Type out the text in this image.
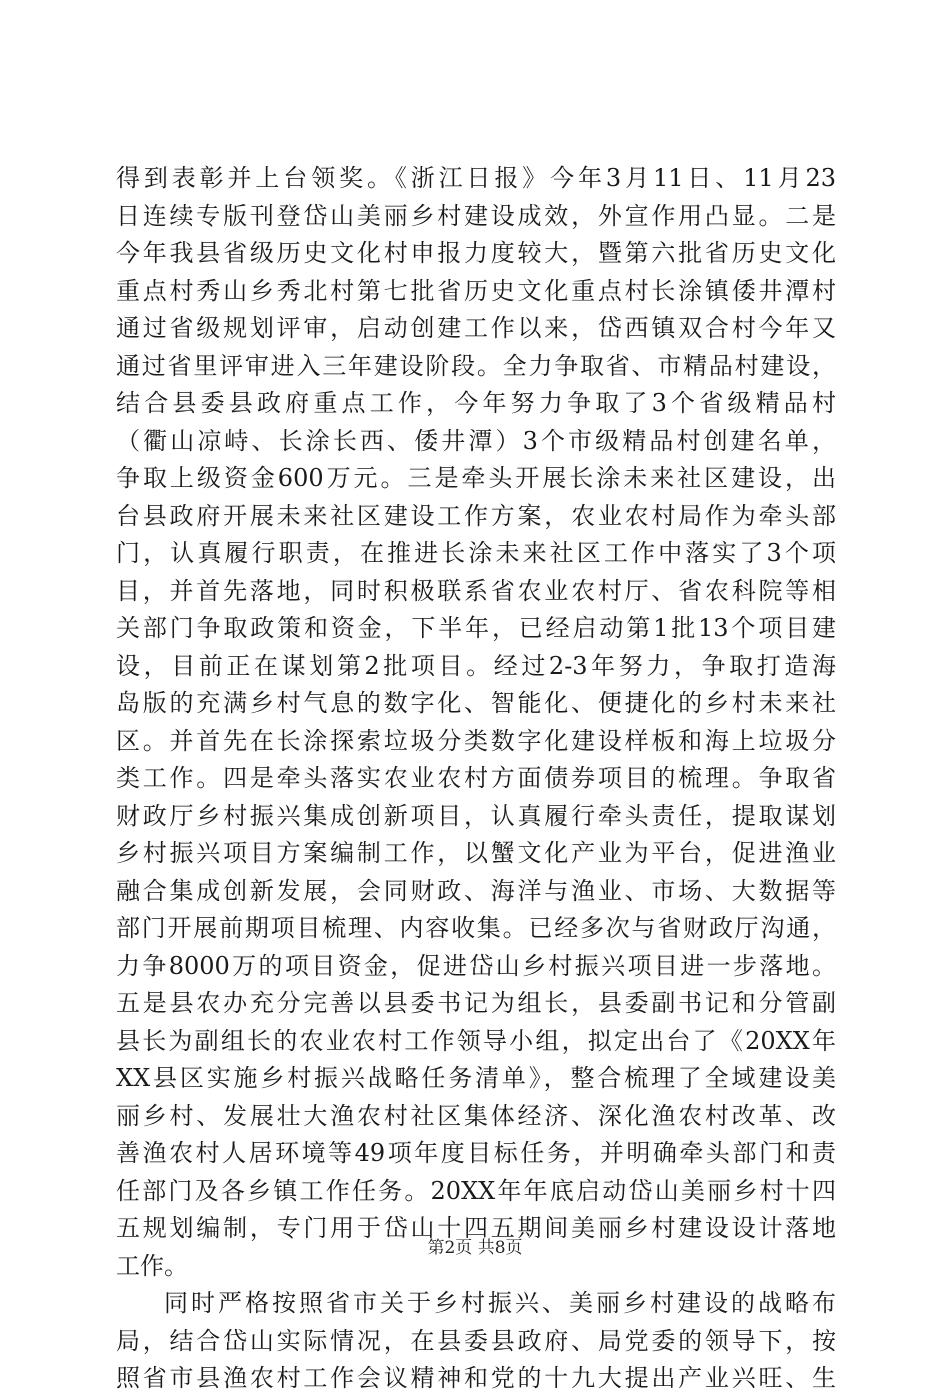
得到表彰并上台领奖。《浙江日报》今年3月11日、11月23
日连续专版刊登岱山美丽乡村建设成效，外宣作用凸显。二是
今年我县省级历史文化村申报力度较大，暨第六批省历史文化
重点村秀山乡秀北村第七批省历史文化重点村长涂镇倭井潭村
通过省级规划评审，启动创建工作以来，岱西镇双合村今年又
通过省里评审进入三年建设阶段。全力争取省、市精品村建设，
结合县委县政府重点工作，今年努力争取了3个省级精品村
（衢山凉峙、长涂长西、倭井潭）3个市级精品村创建名单，
争取上级资金600万元。三是牵头开展长涂未来社区建设，出
台县政府开展未来社区建设工作方案，农业农村局作为牵头部
门，认真履行职责，在推进长涂未来社区工作中落实了3个项
目，并首先落地，同时积极联系省农业农村厅、省农科院等相
关部门争取政策和资金，下半年，已经启动第1批13个项目建
设，目前正在谋划第2批项目。经过2-3年努力，争取打造海
岛版的充满乡村气息的数字化、智能化、便捷化的乡村未来社
区。并首先在长涂探索垃圾分类数字化建设样板和海上垃圾分
类工作。四是牵头落实农业农村方面债券项目的梳理。争取省
财政厅乡村振兴集成创新项目，认真履行牵头责任，提取谋划
乡村振兴项目方案编制工作，以蟹文化产业为平台，促进渔业
融合集成创新发展，会同财政、海洋与渔业、市场、大数据等
部门开展前期项目梳理、内容收集。已经多次与省财政厅沟通，
力争8000万的项目资金，促进岱山乡村振兴项目进一步落地。
五是县农办充分完善以县委书记为组长，县委副书记和分管副
县长为副组长的农业农村工作领导小组，拟定出台了《20XX年
XX县区实施乡村振兴战略任务清单》，整合梳理了全域建设美
丽乡村、发展壮大渔农村社区集体经济、深化渔农村改革、改
善渔农村人居环境等49项年度目标任务，并明确牵头部门和责
任部门及各乡镇工作任务。20XX年年底启动岱山美丽乡村十四
五规划编制，专门用于岱山十四五期间美丽乡村建设设计落地
工作。
同时严格按照省市关于乡村振兴、美丽乡村建设的战略布
局，结合岱山实际情况，在县委县政府、局党委的领导下，按
照省市县渔农村工作会议精神和党的十九大提出产业兴旺、生
第2页 共8页
